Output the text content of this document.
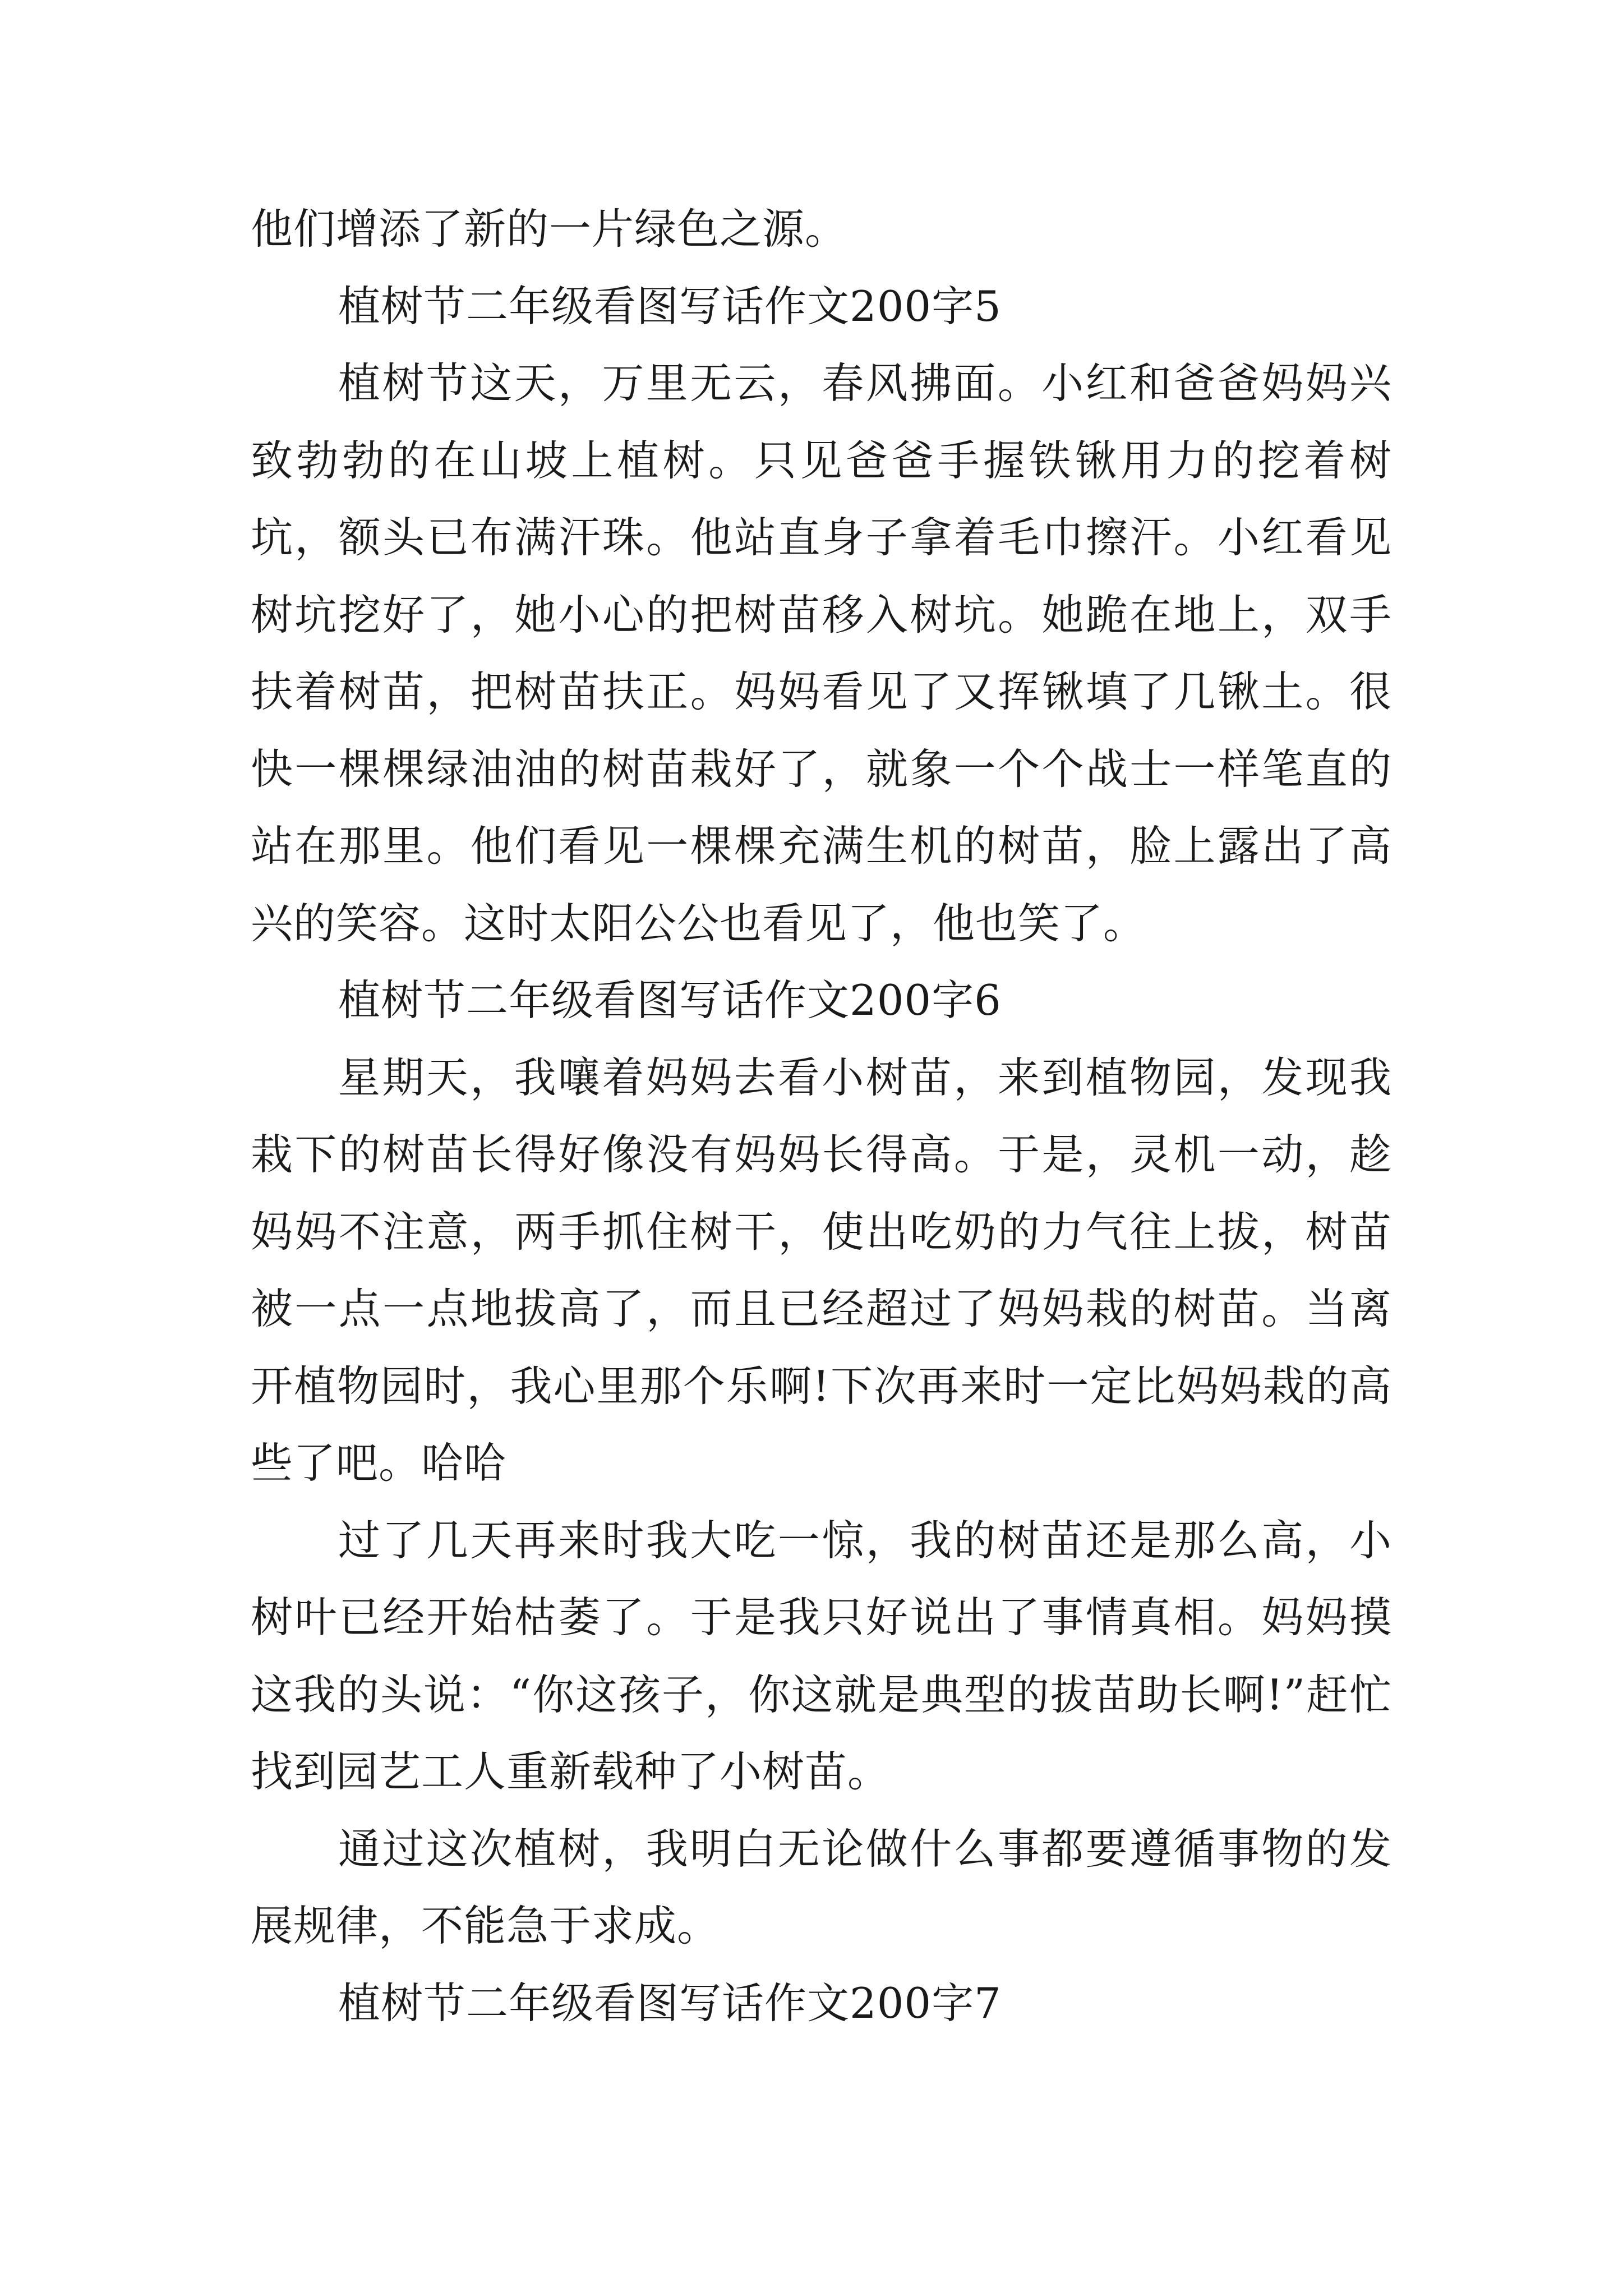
他们增添了新的一片绿色之源。

植树节二年级看图写话作文200字5

植树节这天，万里无云，春风拂面。小红和爸爸妈妈兴致勃勃的在山坡上植树。只见爸爸手握铁锹用力的挖着树坑，额头已布满汗珠。他站直身子拿着毛巾擦汗。小红看见树坑挖好了，她小心的把树苗移入树坑。她跪在地上，双手扶着树苗，把树苗扶正。妈妈看见了又挥锹填了几锹土。很快一棵棵绿油油的树苗栽好了，就象一个个战士一样笔直的站在那里。他们看见一棵棵充满生机的树苗，脸上露出了高兴的笑容。这时太阳公公也看见了，他也笑了。

植树节二年级看图写话作文200字6

星期天，我嚷着妈妈去看小树苗，来到植物园，发现我栽下的树苗长得好像没有妈妈长得高。于是，灵机一动，趁妈妈不注意，两手抓住树干，使出吃奶的力气往上拔，树苗被一点一点地拔高了，而且已经超过了妈妈栽的树苗。当离开植物园时，我心里那个乐啊!下次再来时一定比妈妈栽的高些了吧。哈哈

过了几天再来时我大吃一惊，我的树苗还是那么高，小树叶已经开始枯萎了。于是我只好说出了事情真相。妈妈摸这我的头说：“你这孩子，你这就是典型的拔苗助长啊!”赶忙找到园艺工人重新载种了小树苗。

通过这次植树，我明白无论做什么事都要遵循事物的发展规律，不能急于求成。

植树节二年级看图写话作文200字7
